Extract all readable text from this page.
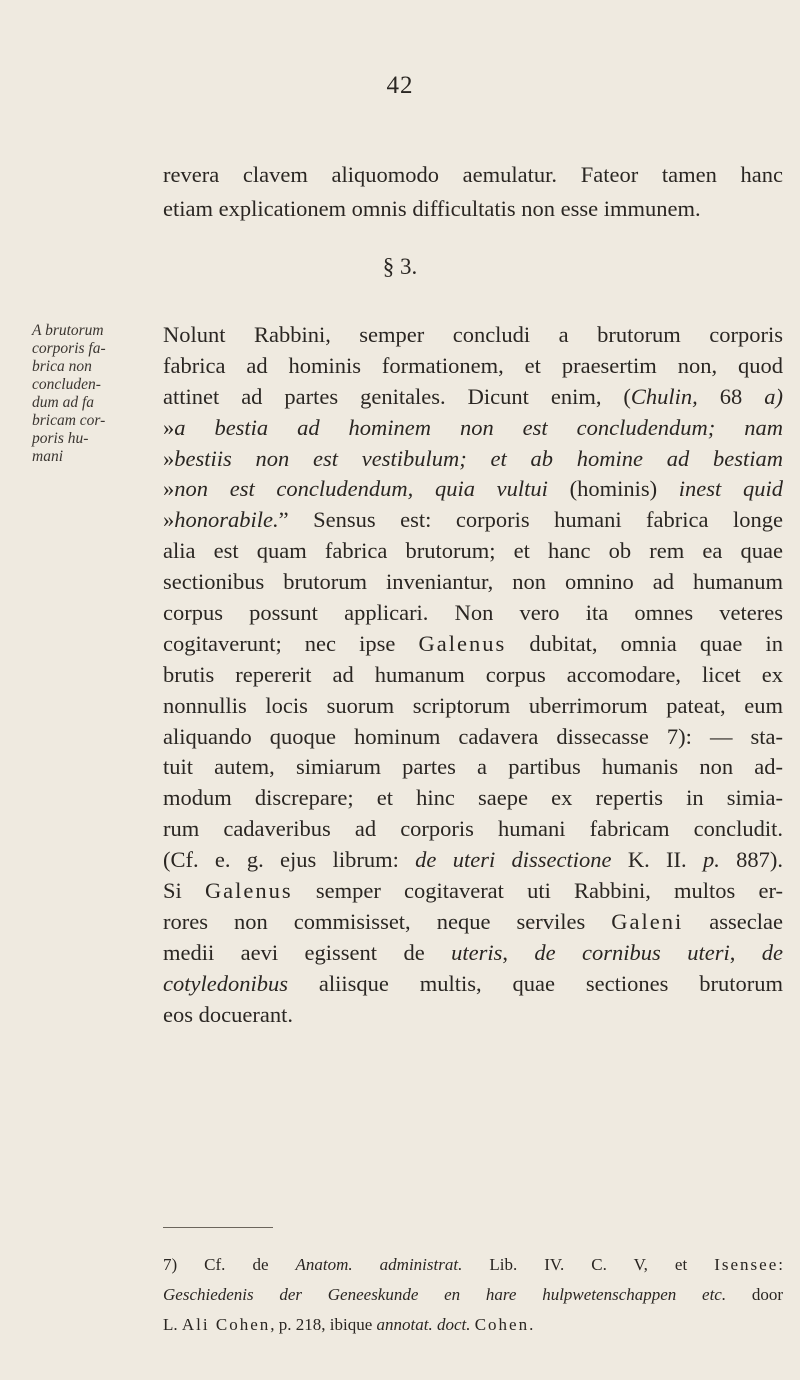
42
revera clavem aliquomodo aemulatur. Fateor tamen hanc
etiam explicationem omnis difficultatis non esse immunem.
§ 3.
A brutorum
corporis fa-
brica non
concluden-
dum ad fa
bricam cor-
poris hu-
mani
Nolunt Rabbini, semper concludi a brutorum corporis
fabrica ad hominis formationem, et praesertim non, quod
attinet ad partes genitales. Dicunt enim, (Chulin, 68 a)
»a bestia ad hominem non est concludendum; nam
»bestiis non est vestibulum; et ab homine ad bestiam
»non est concludendum, quia vultui (hominis) inest quid
»honorabile.” Sensus est: corporis humani fabrica longe
alia est quam fabrica brutorum; et hanc ob rem ea quae
sectionibus brutorum inveniantur, non omnino ad humanum
corpus possunt applicari. Non vero ita omnes veteres
cogitaverunt; nec ipse Galenus dubitat, omnia quae in
brutis repererit ad humanum corpus accomodare, licet ex
nonnullis locis suorum scriptorum uberrimorum pateat, eum
aliquando quoque hominum cadavera dissecasse 7): — sta-
tuit autem, simiarum partes a partibus humanis non ad-
modum discrepare; et hinc saepe ex repertis in simia-
rum cadaveribus ad corporis humani fabricam concludit.
(Cf. e. g. ejus librum: de uteri dissectione K. II. p. 887).
Si Galenus semper cogitaverat uti Rabbini, multos er-
rores non commisisset, neque serviles Galeni asseclae
medii aevi egissent de uteris, de cornibus uteri, de
cotyledonibus aliisque multis, quae sectiones brutorum
eos docuerant.
7) Cf. de Anatom. administrat. Lib. IV. C. V, et Isensee:
Geschiedenis der Geneeskunde en hare hulpwetenschappen etc. door
L. Ali Cohen, p. 218, ibique annotat. doct. Cohen.
